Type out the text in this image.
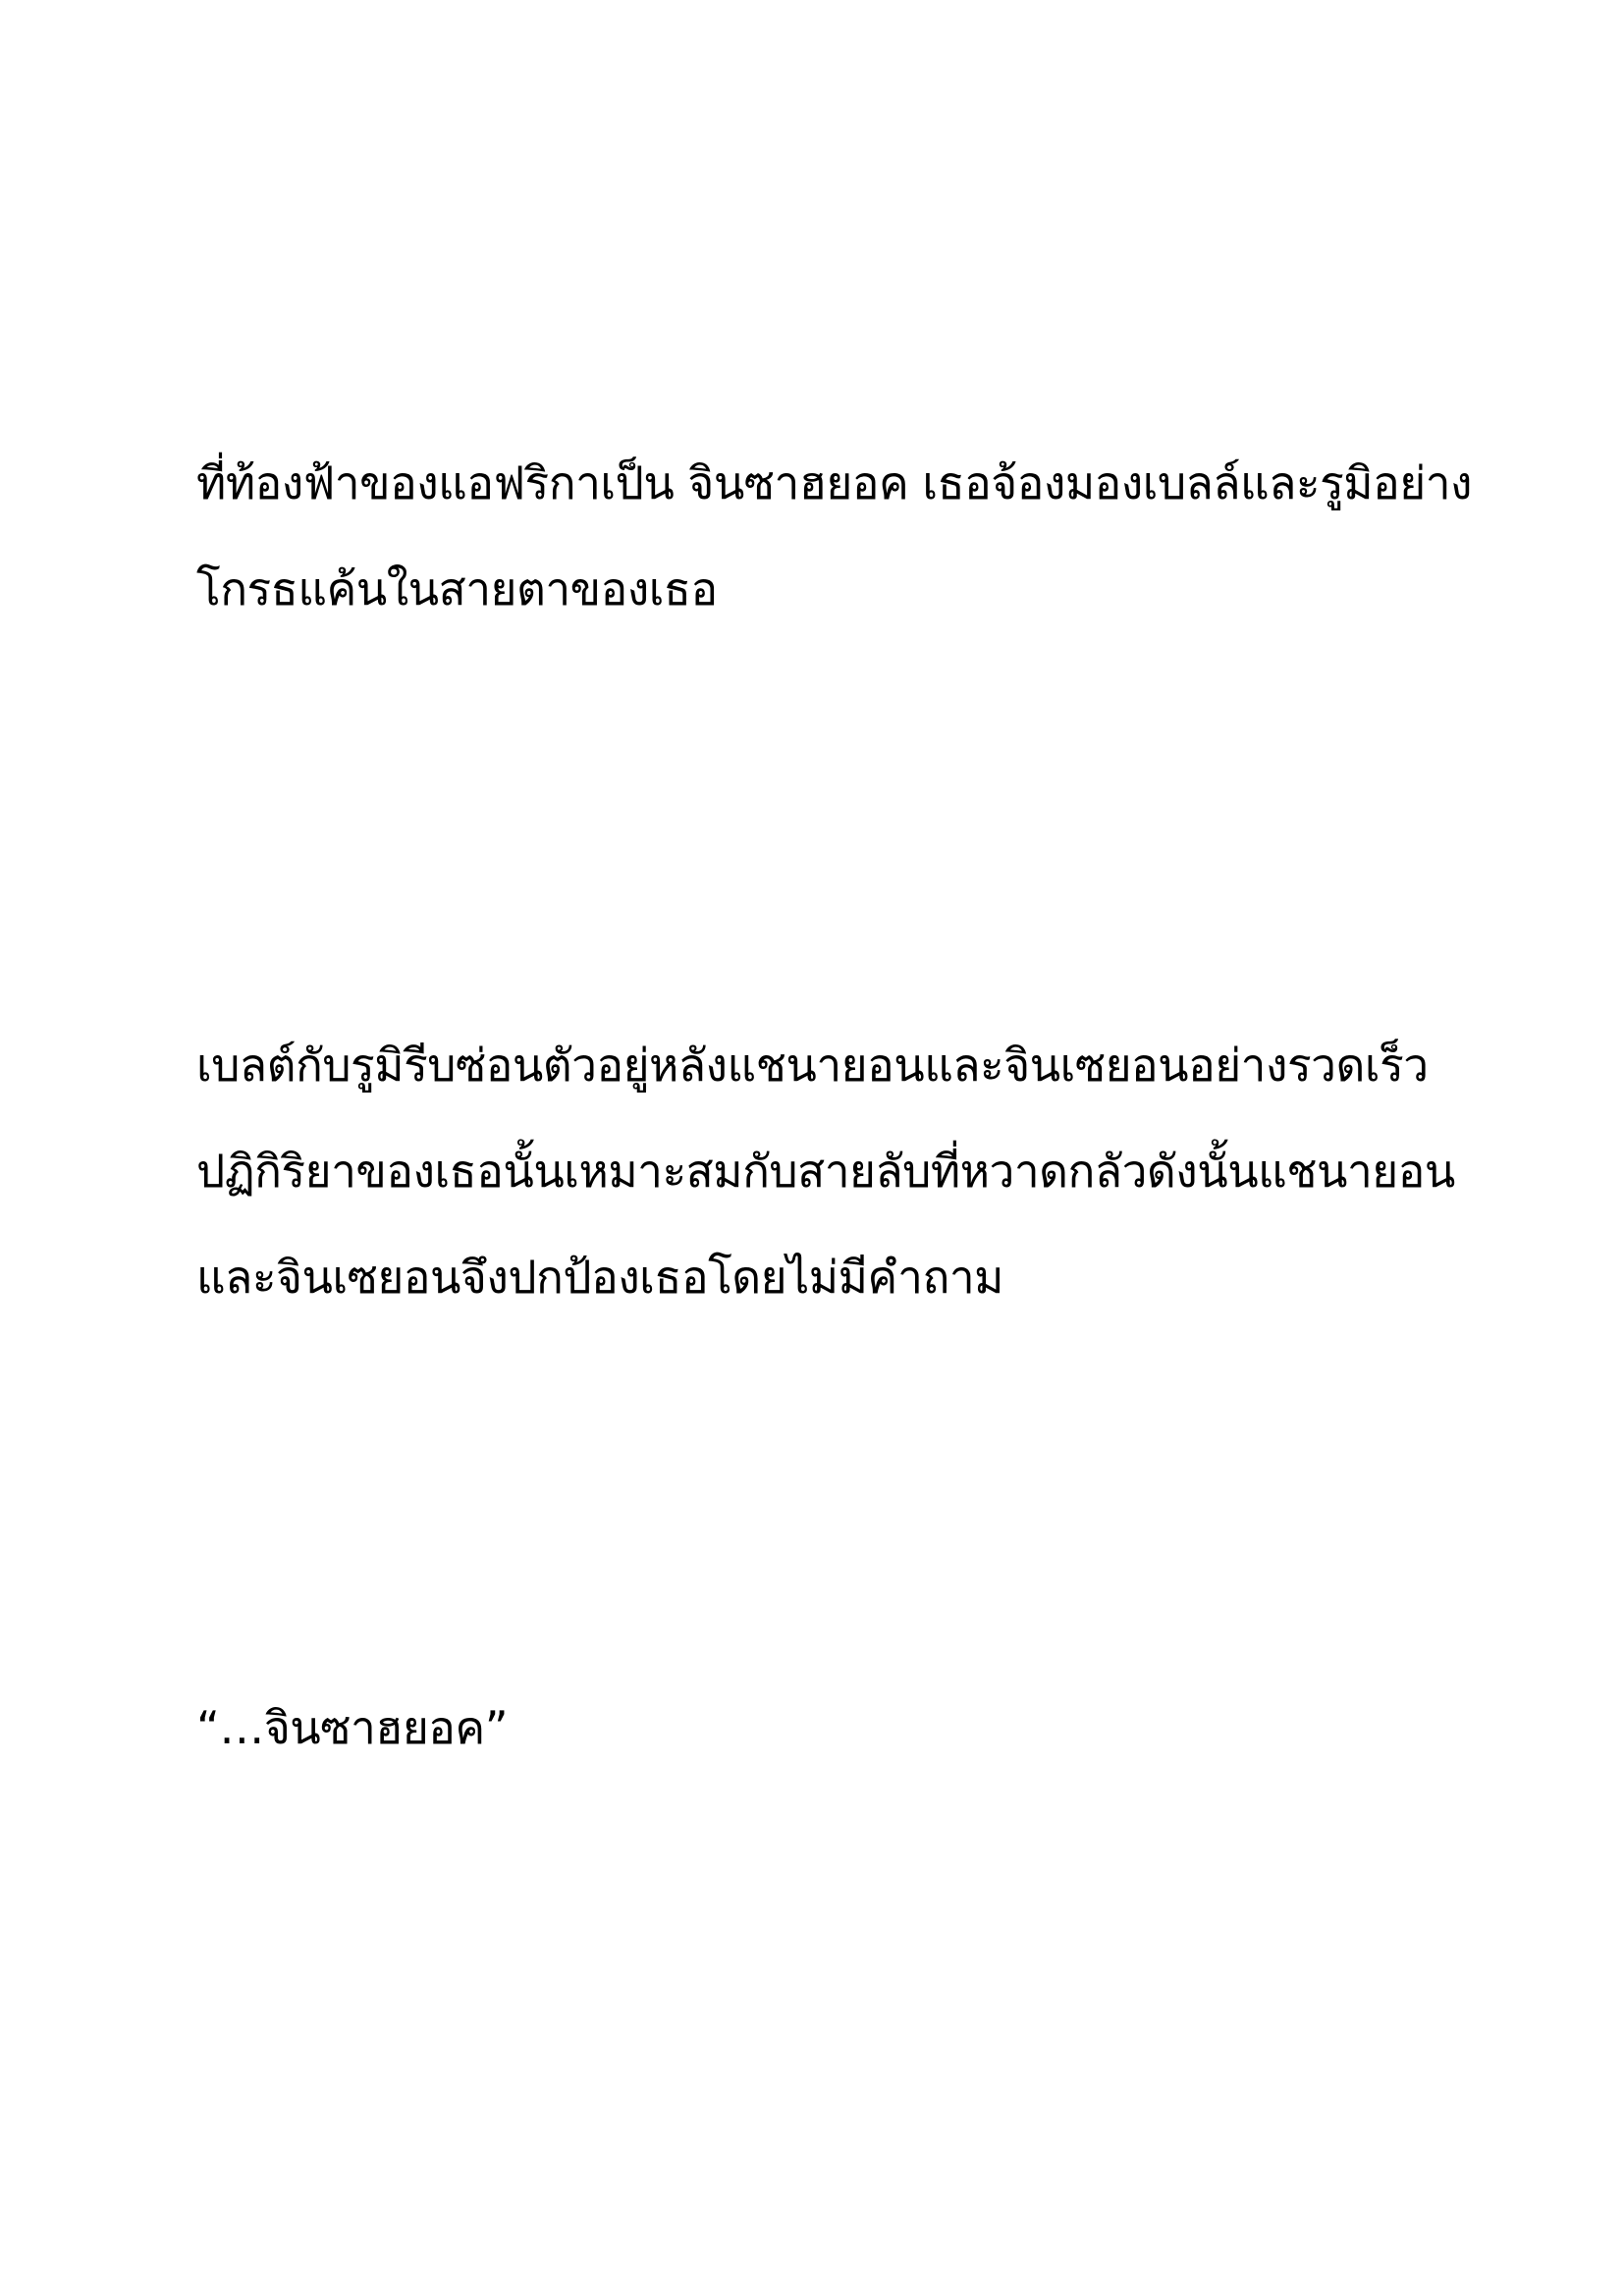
ที่ท้องฟ้าของแอฟริกาเป็น จินซาฮยอค เธอจ้องมองเบลล์และรูมิอย่าง
โกรธแค้นในสายตาของเธอ

เบลต์กับรูมิรีบซ่อนตัวอยู่หลังแชนายอนและจินเซยอนอย่างรวดเร็ว
ปฏิกิริยาของเธอนั้นเหมาะสมกับสายลับที่หวาดกลัวดังนั้นแชนายอน
และจินเซยอนจึงปกป้องเธอโดยไม่มีคำถาม

“…จินซาฮยอค”
